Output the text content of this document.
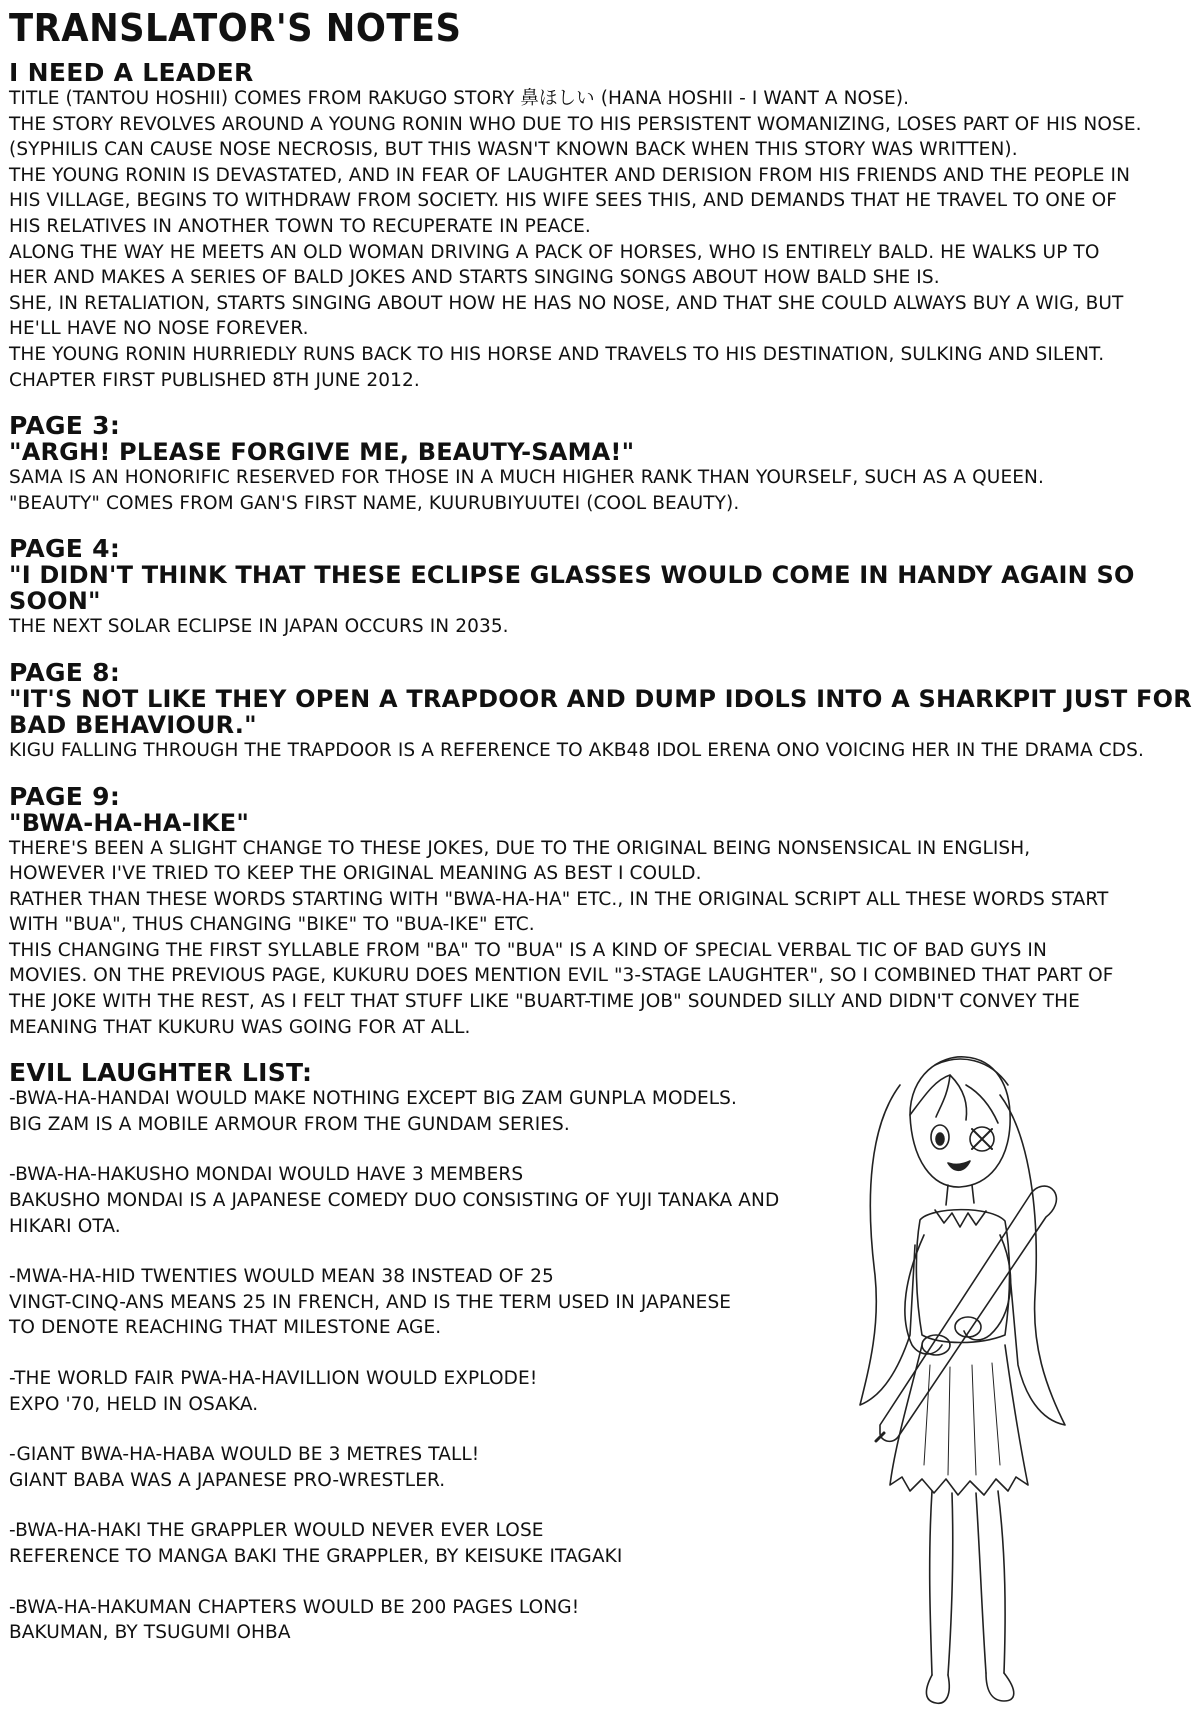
TRANSLATOR'S NOTES
I NEED A LEADER
TITLE (TANTOU HOSHII) COMES FROM RAKUGO STORY 鼻ほしい (HANA HOSHII - I WANT A NOSE).
THE STORY REVOLVES AROUND A YOUNG RONIN WHO DUE TO HIS PERSISTENT WOMANIZING, LOSES PART OF HIS NOSE.
(SYPHILIS CAN CAUSE NOSE NECROSIS, BUT THIS WASN'T KNOWN BACK WHEN THIS STORY WAS WRITTEN).
THE YOUNG RONIN IS DEVASTATED, AND IN FEAR OF LAUGHTER AND DERISION FROM HIS FRIENDS AND THE PEOPLE IN
HIS VILLAGE, BEGINS TO WITHDRAW FROM SOCIETY. HIS WIFE SEES THIS, AND DEMANDS THAT HE TRAVEL TO ONE OF
HIS RELATIVES IN ANOTHER TOWN TO RECUPERATE IN PEACE.
ALONG THE WAY HE MEETS AN OLD WOMAN DRIVING A PACK OF HORSES, WHO IS ENTIRELY BALD. HE WALKS UP TO
HER AND MAKES A SERIES OF BALD JOKES AND STARTS SINGING SONGS ABOUT HOW BALD SHE IS.
SHE, IN RETALIATION, STARTS SINGING ABOUT HOW HE HAS NO NOSE, AND THAT SHE COULD ALWAYS BUY A WIG, BUT
HE'LL HAVE NO NOSE FOREVER.
THE YOUNG RONIN HURRIEDLY RUNS BACK TO HIS HORSE AND TRAVELS TO HIS DESTINATION, SULKING AND SILENT.
CHAPTER FIRST PUBLISHED 8TH JUNE 2012.
PAGE 3:
"ARGH! PLEASE FORGIVE ME, BEAUTY-SAMA!"
SAMA IS AN HONORIFIC RESERVED FOR THOSE IN A MUCH HIGHER RANK THAN YOURSELF, SUCH AS A QUEEN.
"BEAUTY" COMES FROM GAN'S FIRST NAME, KUURUBIYUUTEI (COOL BEAUTY).
PAGE 4:
"I DIDN'T THINK THAT THESE ECLIPSE GLASSES WOULD COME IN HANDY AGAIN SO SOON"
THE NEXT SOLAR ECLIPSE IN JAPAN OCCURS IN 2035.
PAGE 8:
"IT'S NOT LIKE THEY OPEN A TRAPDOOR AND DUMP IDOLS INTO A SHARKPIT JUST FOR BAD BEHAVIOUR."
KIGU FALLING THROUGH THE TRAPDOOR IS A REFERENCE TO AKB48 IDOL ERENA ONO VOICING HER IN THE DRAMA CDS.
PAGE 9:
"BWA-HA-HA-IKE"
THERE'S BEEN A SLIGHT CHANGE TO THESE JOKES, DUE TO THE ORIGINAL BEING NONSENSICAL IN ENGLISH,
HOWEVER I'VE TRIED TO KEEP THE ORIGINAL MEANING AS BEST I COULD.
RATHER THAN THESE WORDS STARTING WITH "BWA-HA-HA" ETC., IN THE ORIGINAL SCRIPT ALL THESE WORDS START
WITH "BUA", THUS CHANGING "BIKE" TO "BUA-IKE" ETC.
THIS CHANGING THE FIRST SYLLABLE FROM "BA" TO "BUA" IS A KIND OF SPECIAL VERBAL TIC OF BAD GUYS IN
MOVIES. ON THE PREVIOUS PAGE, KUKURU DOES MENTION EVIL "3-STAGE LAUGHTER", SO I COMBINED THAT PART OF
THE JOKE WITH THE REST, AS I FELT THAT STUFF LIKE "BUART-TIME JOB" SOUNDED SILLY AND DIDN'T CONVEY THE
MEANING THAT KUKURU WAS GOING FOR AT ALL.
EVIL LAUGHTER LIST:
-BWA-HA-HANDAI WOULD MAKE NOTHING EXCEPT BIG ZAM GUNPLA MODELS.
BIG ZAM IS A MOBILE ARMOUR FROM THE GUNDAM SERIES.
-BWA-HA-HAKUSHO MONDAI WOULD HAVE 3 MEMBERS
BAKUSHO MONDAI IS A JAPANESE COMEDY DUO CONSISTING OF YUJI TANAKA AND
HIKARI OTA.
-MWA-HA-HID TWENTIES WOULD MEAN 38 INSTEAD OF 25
VINGT-CINQ-ANS MEANS 25 IN FRENCH, AND IS THE TERM USED IN JAPANESE
TO DENOTE REACHING THAT MILESTONE AGE.
-THE WORLD FAIR PWA-HA-HAVILLION WOULD EXPLODE!
EXPO '70, HELD IN OSAKA.
-GIANT BWA-HA-HABA WOULD BE 3 METRES TALL!
GIANT BABA WAS A JAPANESE PRO-WRESTLER.
-BWA-HA-HAKI THE GRAPPLER WOULD NEVER EVER LOSE
REFERENCE TO MANGA BAKI THE GRAPPLER, BY KEISUKE ITAGAKI
-BWA-HA-HAKUMAN CHAPTERS WOULD BE 200 PAGES LONG!
BAKUMAN, BY TSUGUMI OHBA
